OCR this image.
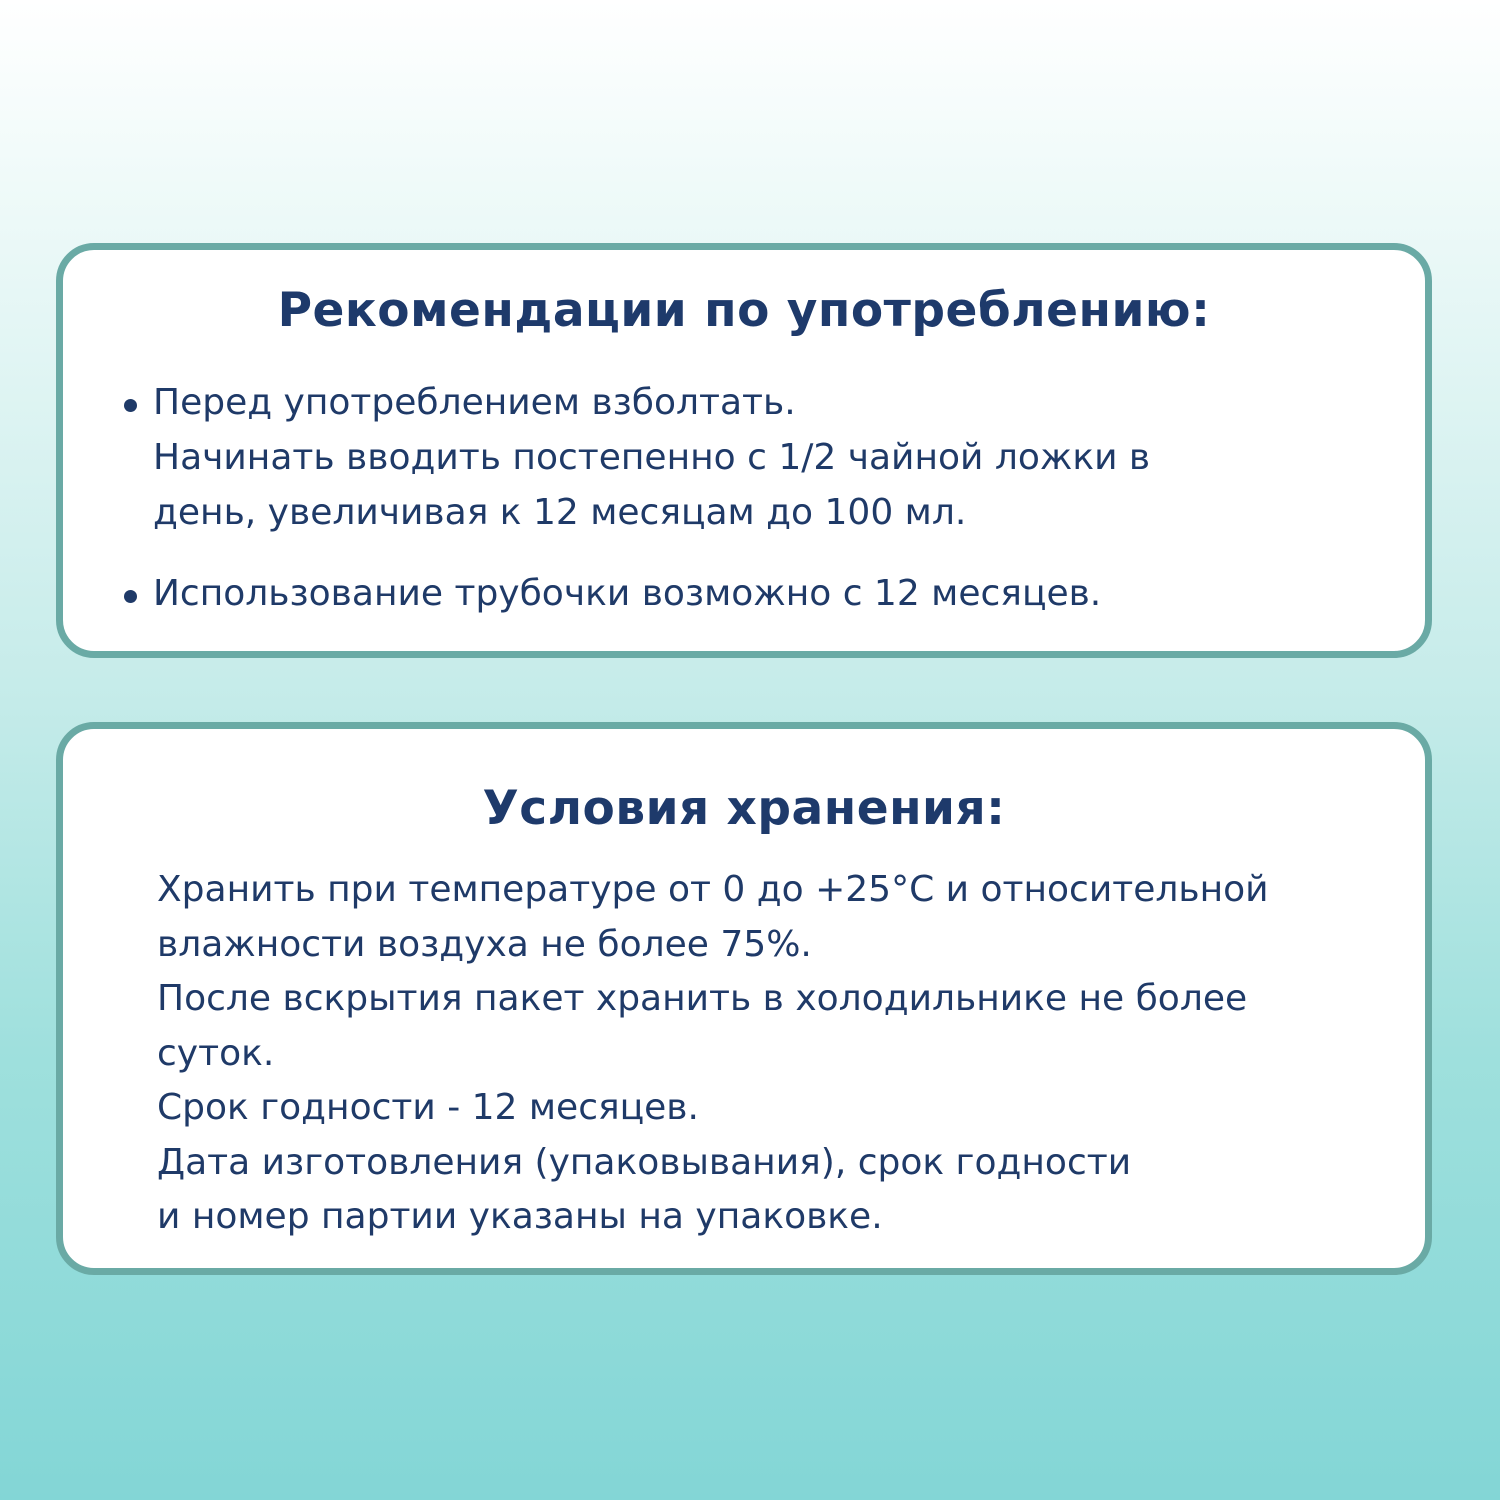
Рекомендации по употреблению:
Перед употреблением взболтать.
Начинать вводить постепенно с 1/2 чайной ложки в
день, увеличивая к 12 месяцам до 100 мл.
Использование трубочки возможно с 12 месяцев.
Условия хранения:
Хранить при температуре от 0 до +25°С и относительной
влажности воздуха не более 75%.
После вскрытия пакет хранить в холодильнике не более
суток.
Срок годности - 12 месяцев.
Дата изготовления (упаковывания), срок годности
и номер партии указаны на упаковке.
